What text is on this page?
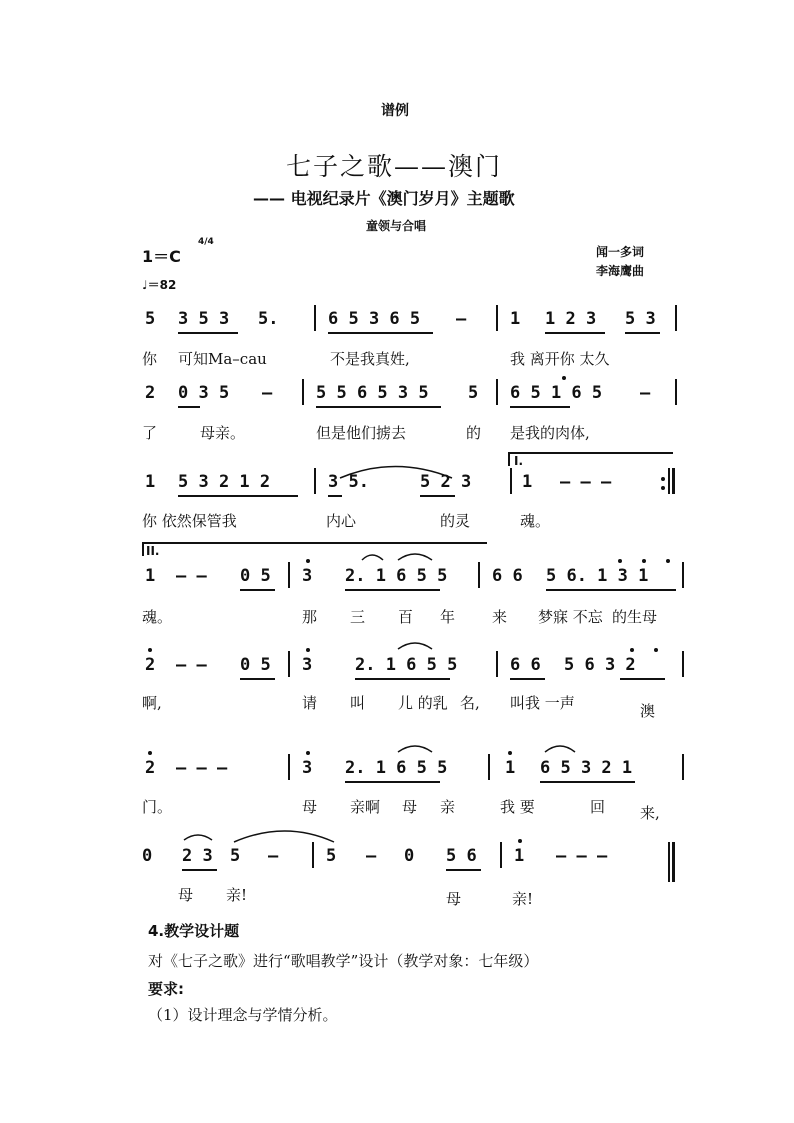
谱例
七子之歌——澳门
—— 电视纪录片《澳门岁月》主题歌
童领与合唱
1＝C
4/4
♩＝82
闻一多词
李海鹰曲
5 3 5 3 5.	6 5 3 6 5 –	1 1 2 3 5 3
你 可知Ma–cau	不是我真姓,	我 离开你 太久
2 0 3 5 –	5 5 6 5 3 5 5 6 5 1 6 5 –
了	母亲。	但是他们掳去	的 是我的肉体,
1 5 3 2 1 2	3 5.	5 2 3	1 – – –
你 依然保管我	内心	的灵	魂。
I.
II.
1 – – 0 5 3 2. 1 6 5 5	6 6 5 6. 1 3 1
魂。	那 三 百 年 来 梦寐 不忘 的生母
2 – – 0 5 3	2. 1 6 5 5	6 6 5 6 3 2
啊,	请 叫 儿 的乳 名, 叫我 一声	澳
2 – – –	3 2. 1 6 5 5	1 6 5 3 2 1
门。	母 亲啊 母 亲	我 要	回 来,
0 2 3 5 –	5 – 0 5 6 1 – – –
母 亲!	母	亲!
4.教学设计题
对《七子之歌》进行“歌唱教学”设计（教学对象：七年级）
要求:
（1）设计理念与学情分析。
